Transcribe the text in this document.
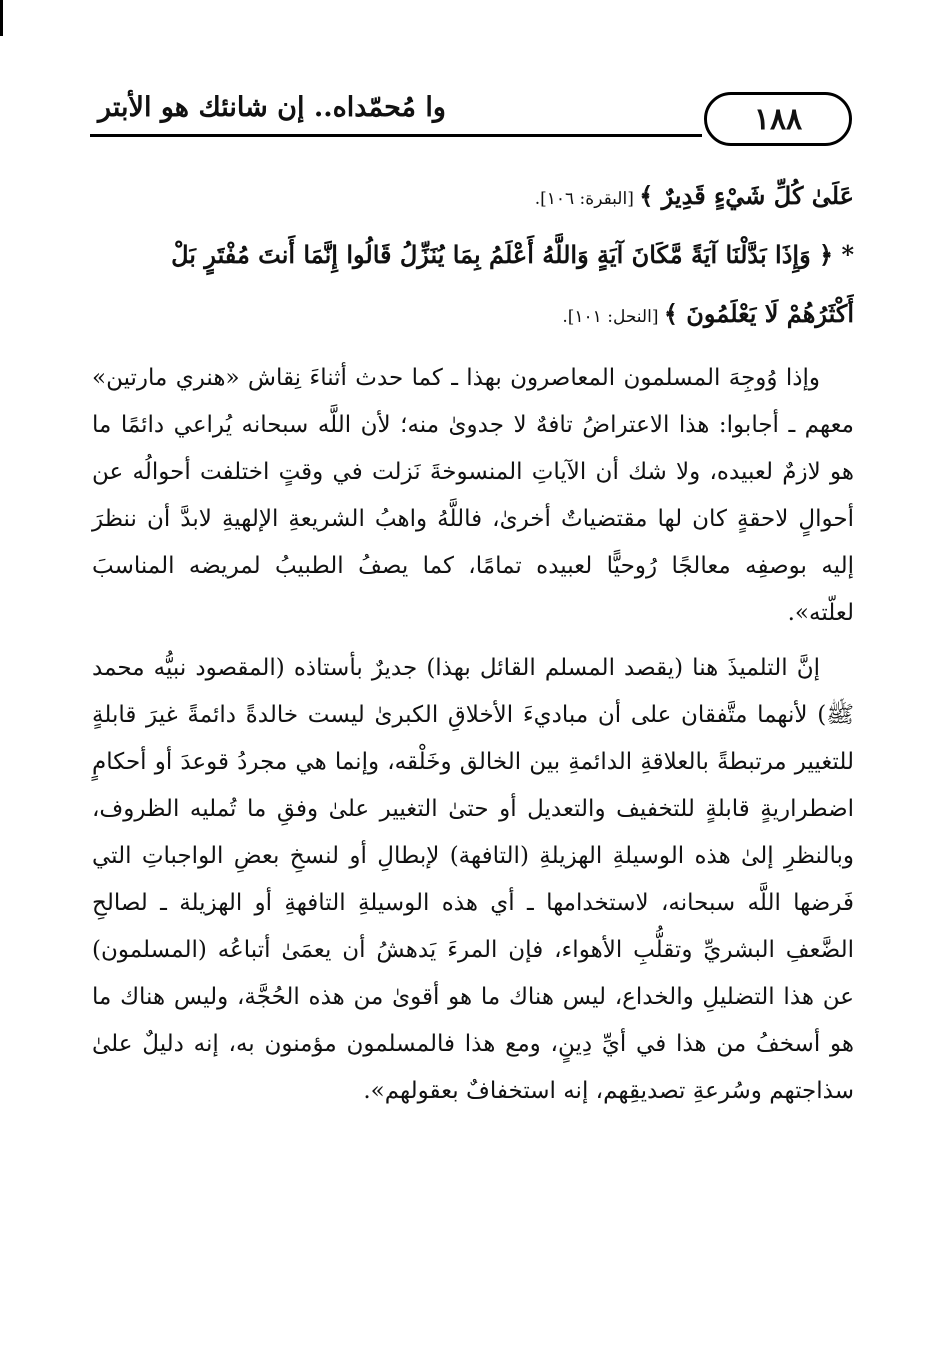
١٨٨
وا مُحمّداه.. إن شانئك هو الأبتر

عَلَىٰ كُلِّ شَيْءٍ قَدِيرٌ ﴾ [البقرة: ١٠٦].

* ﴿ وَإِذَا بَدَّلْنَا آيَةً مَّكَانَ آيَةٍ وَاللَّهُ أَعْلَمُ بِمَا يُنَزِّلُ قَالُوا إِنَّمَا أَنتَ مُفْتَرٍ بَلْ

أَكْثَرُهُمْ لَا يَعْلَمُونَ ﴾ [النحل: ١٠١].

وإذا وُوجِهَ المسلمون المعاصرون بهذا ـ كما حدث أثناءَ نِقاش «هنري مارتين» معهم ـ أجابوا: هذا الاعتراضُ تافهٌ لا جدوىٰ منه؛ لأن اللَّه سبحانه يُراعي دائمًا ما هو لازمٌ لعبيده، ولا شك أن الآياتِ المنسوخةَ نَزلت في وقتٍ اختلفت أحوالُه عن أحوالٍ لاحقةٍ كان لها مقتضياتٌ أخرىٰ، فاللَّهُ واهبُ الشريعةِ الإلهيةِ لابدَّ أن ننظرَ إليه بوصفِه معالجًا رُوحيًّا لعبيده تمامًا، كما يصفُ الطبيبُ لمريضه المناسبَ لعلّته».

إنَّ التلميذَ هنا (يقصد المسلم القائل بهذا) جديرٌ بأستاذه (المقصود نبيُّه محمد ﷺ) لأنهما متَّفقان على أن مباديءَ الأخلاقِ الكبرىٰ ليست خالدةً دائمةً غيرَ قابلةٍ للتغيير مرتبطةً بالعلاقةِ الدائمةِ بين الخالق وخَلْقه، وإنما هي مجردُ قوعدَ أو أحكامٍ اضطراريةٍ قابلةٍ للتخفيف والتعديل أو حتىٰ التغيير علىٰ وفقِ ما تُمليه الظروف، وبالنظرِ إلىٰ هذه الوسيلةِ الهزيلةِ (التافهة) لإبطالِ أو لنسخِ بعضِ الواجباتِ التي فَرضها اللَّه سبحانه، لاستخدامها ـ أي هذه الوسيلةِ التافهةِ أو الهزيلة ـ لصالحِ الضَّعفِ البشريِّ وتقلُّبِ الأهواء، فإن المرءَ يَدهشُ أن يعمَىٰ أتباعُه (المسلمون) عن هذا التضليلِ والخداع، ليس هناك ما هو أقوىٰ من هذه الحُجَّة، وليس هناك ما هو أسخفُ من هذا في أيِّ دِينٍ، ومع هذا فالمسلمون مؤمنون به، إنه دليلٌ علىٰ سذاجتهم وسُرعةِ تصديقِهم، إنه استخفافٌ بعقولهم».
